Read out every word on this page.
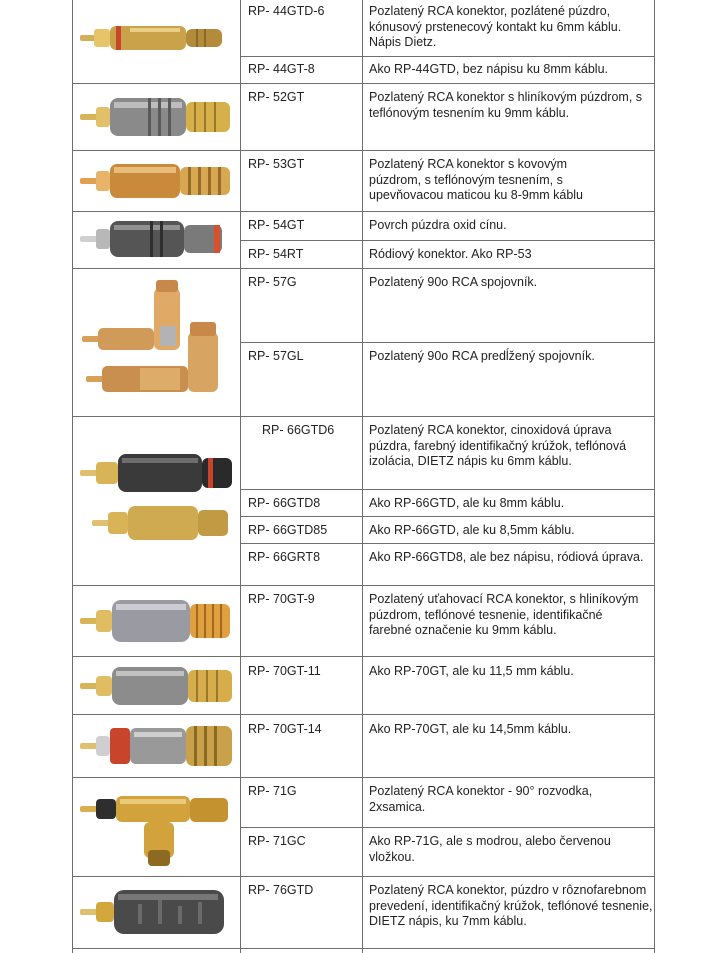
RP- 44GTD-6
RP- 44GT-8
RP- 52GT
RP- 53GT
RP- 54GT
RP- 54RT
RP- 57G
RP- 57GL
RP- 66GTD6
RP- 66GTD8
RP- 66GTD85
RP- 66GRT8
RP- 70GT-9
RP- 70GT-11
RP- 70GT-14
RP- 71G
RP- 71GC
RP- 76GTD
Pozlatený RCA konektor, pozlátené púzdro, kónusový prstenecový kontakt ku 6mm káblu. Nápis Dietz.
Ako RP-44GTD, bez nápisu ku 8mm káblu.
Pozlatený RCA konektor s hliníkovým púzdrom, s teflónovým tesnením ku 9mm káblu.
Pozlatený RCA konektor s kovovým púzdrom, s teflónovým tesnením, s upevňovacou maticou ku 8-9mm káblu
Povrch púzdra oxid cínu.
Ródiový konektor. Ako RP-53
Pozlatený 90o RCA spojovník.
Pozlatený 90o RCA predĺžený spojovník.
Pozlatený RCA konektor, cinoxidová úprava púzdra, farebný identifikačný krúžok, teflónová izolácia, DIETZ nápis ku 6mm káblu.
Ako RP-66GTD, ale ku 8mm káblu.
Ako RP-66GTD, ale ku 8,5mm káblu.
Ako RP-66GTD8, ale bez nápisu, ródiová úprava.
Pozlatený uťahovací RCA konektor, s hliníkovým púzdrom, teflónové tesnenie, identifikačné farebné označenie ku 9mm káblu.
Ako RP-70GT, ale ku 11,5 mm káblu.
Ako RP-70GT, ale ku 14,5mm káblu.
Pozlatený RCA konektor - 90° rozvodka, 2xsamica.
Ako RP-71G, ale s modrou, alebo červenou vložkou.
Pozlatený RCA konektor, púzdro v rôznofarebnom prevedení, identifikačný krúžok, teflónové tesnenie, DIETZ nápis, ku 7mm káblu.
